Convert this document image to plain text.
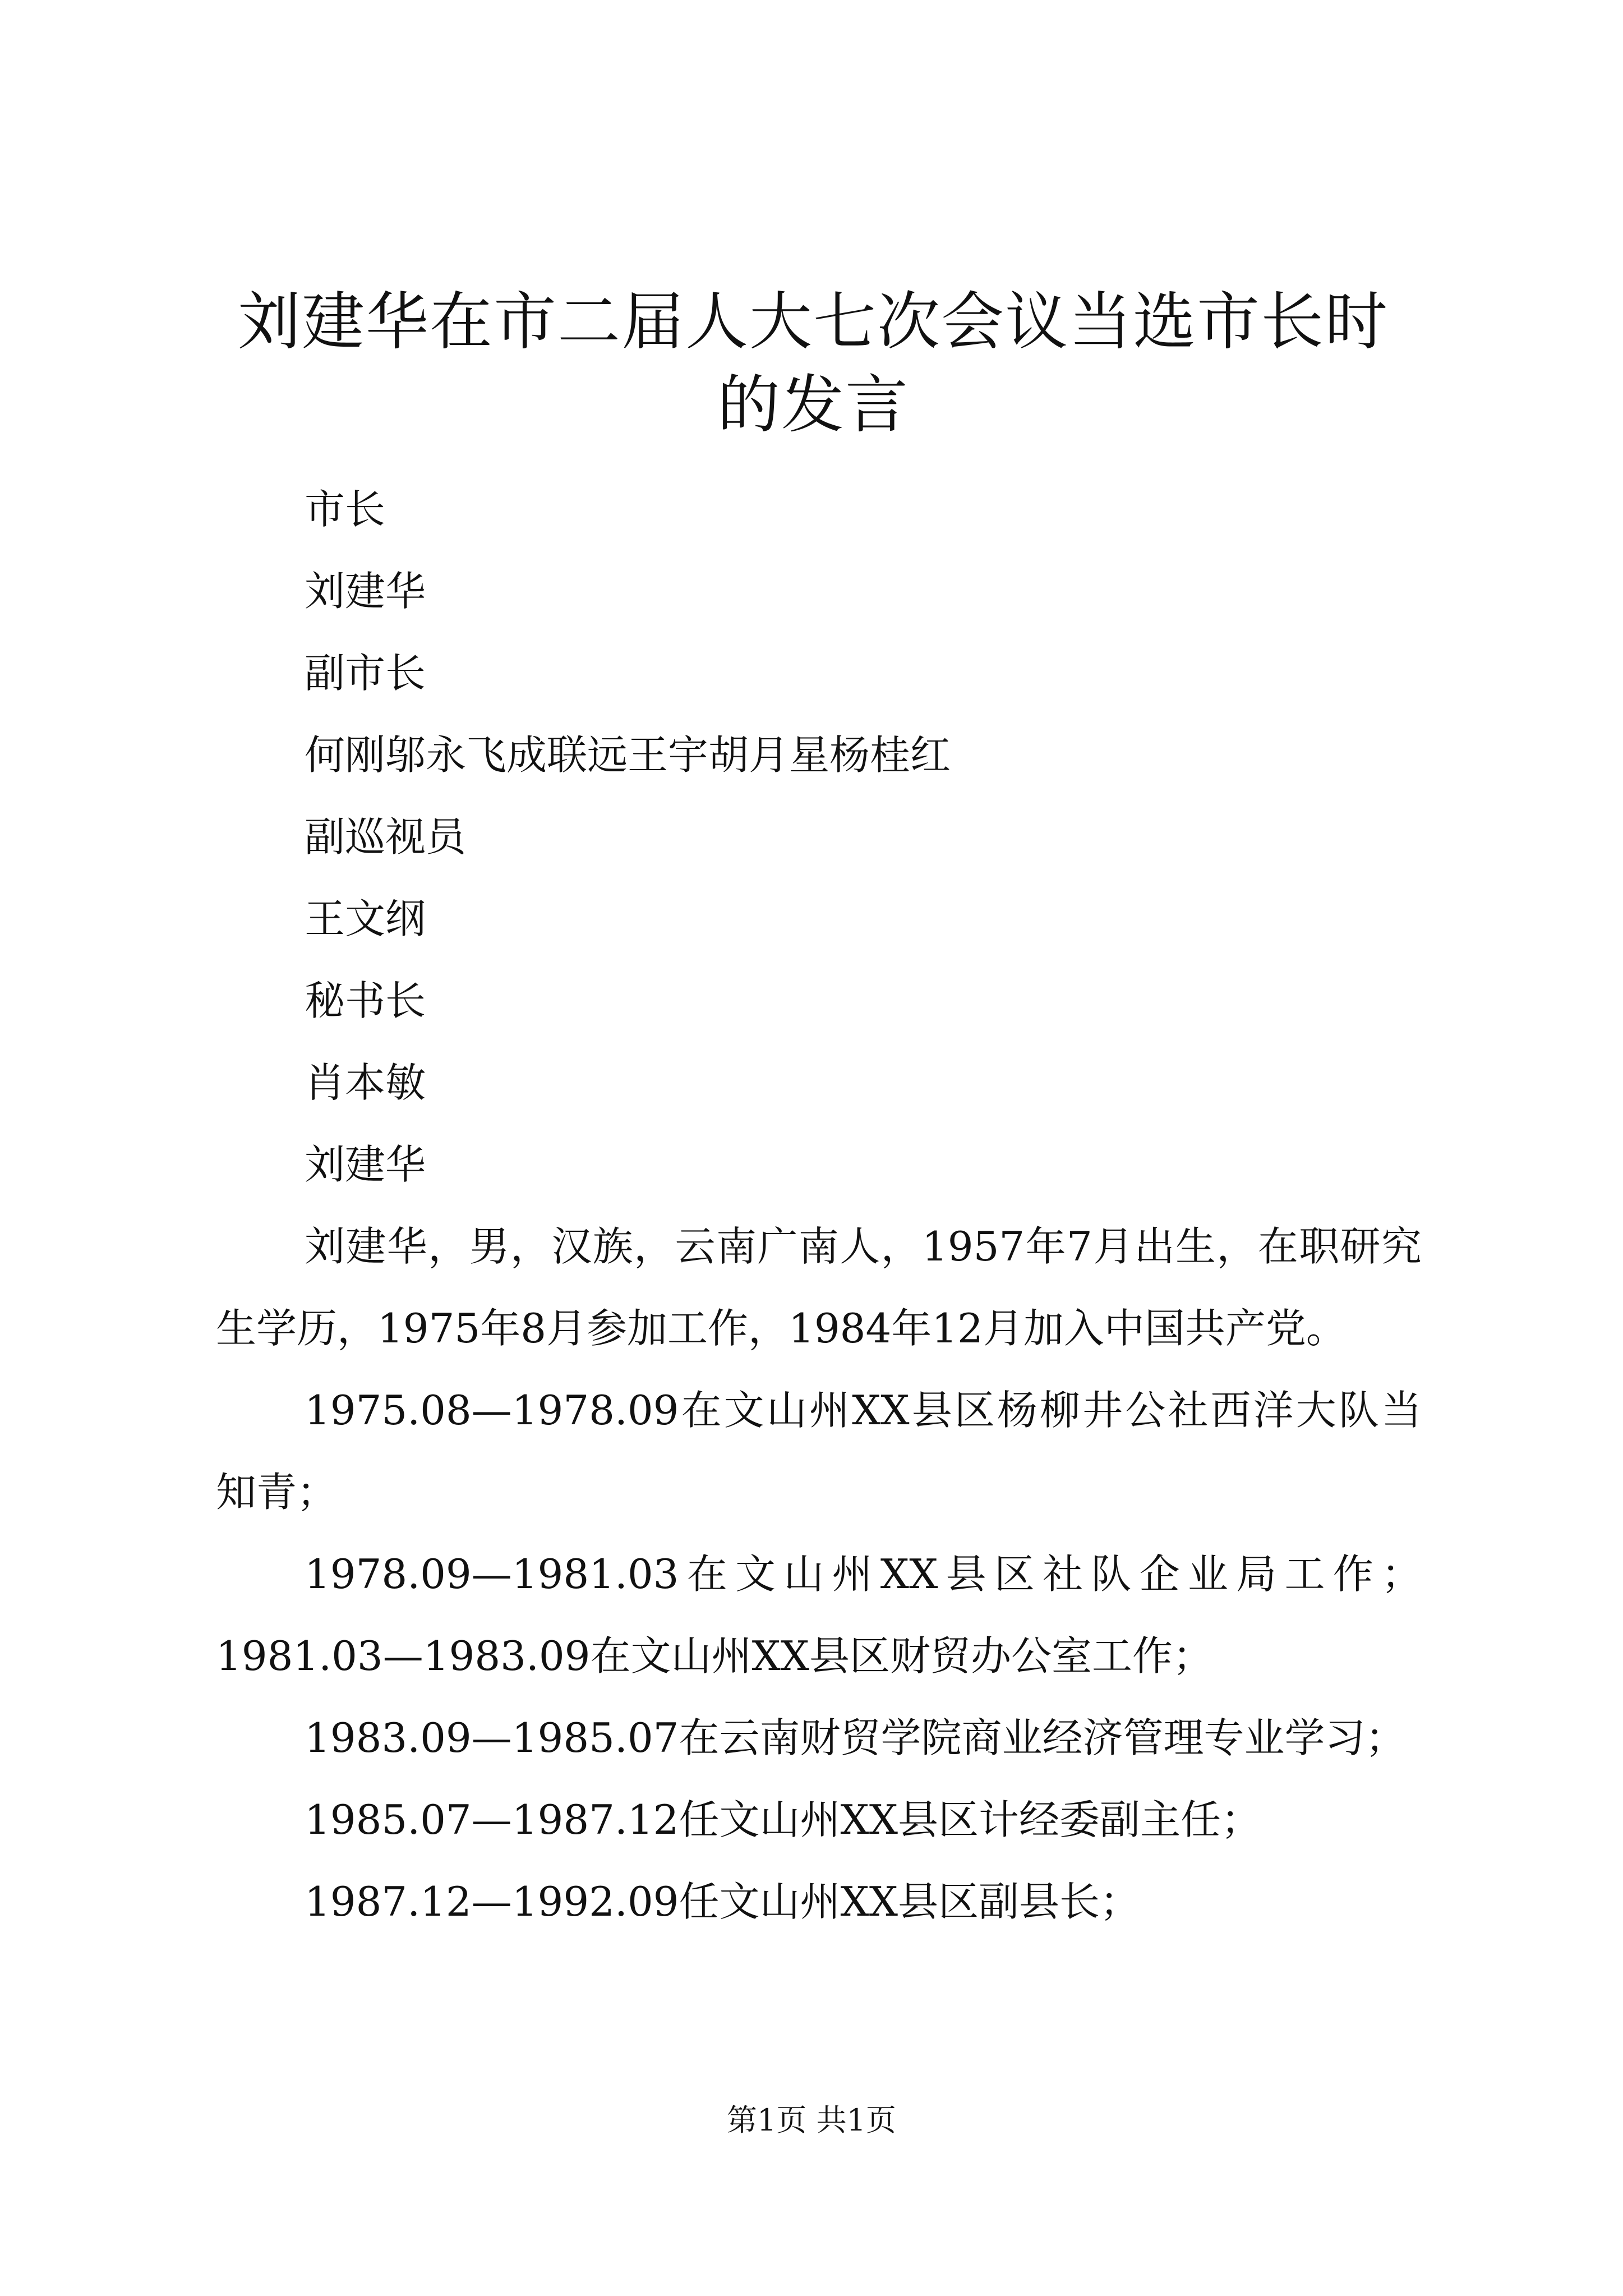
刘建华在市二届人大七次会议当选市长时的发言

市长

刘建华

副市长

何刚邬永飞成联远王宇胡月星杨桂红

副巡视员

王文纲

秘书长

肖本敏

刘建华

刘建华，男，汉族，云南广南人，1957年7月出生，在职研究生学历，1975年8月参加工作，1984年12月加入中国共产党。

1975.08—1978.09在文山州XX县区杨柳井公社西洋大队当知青；

1978.09—1981.03在文山州XX县区社队企业局工作；1981.03—1983.09在文山州XX县区财贸办公室工作；

1983.09—1985.07在云南财贸学院商业经济管理专业学习；

1985.07—1987.12任文山州XX县区计经委副主任；

1987.12—1992.09任文山州XX县区副县长；

第1页 共1页
